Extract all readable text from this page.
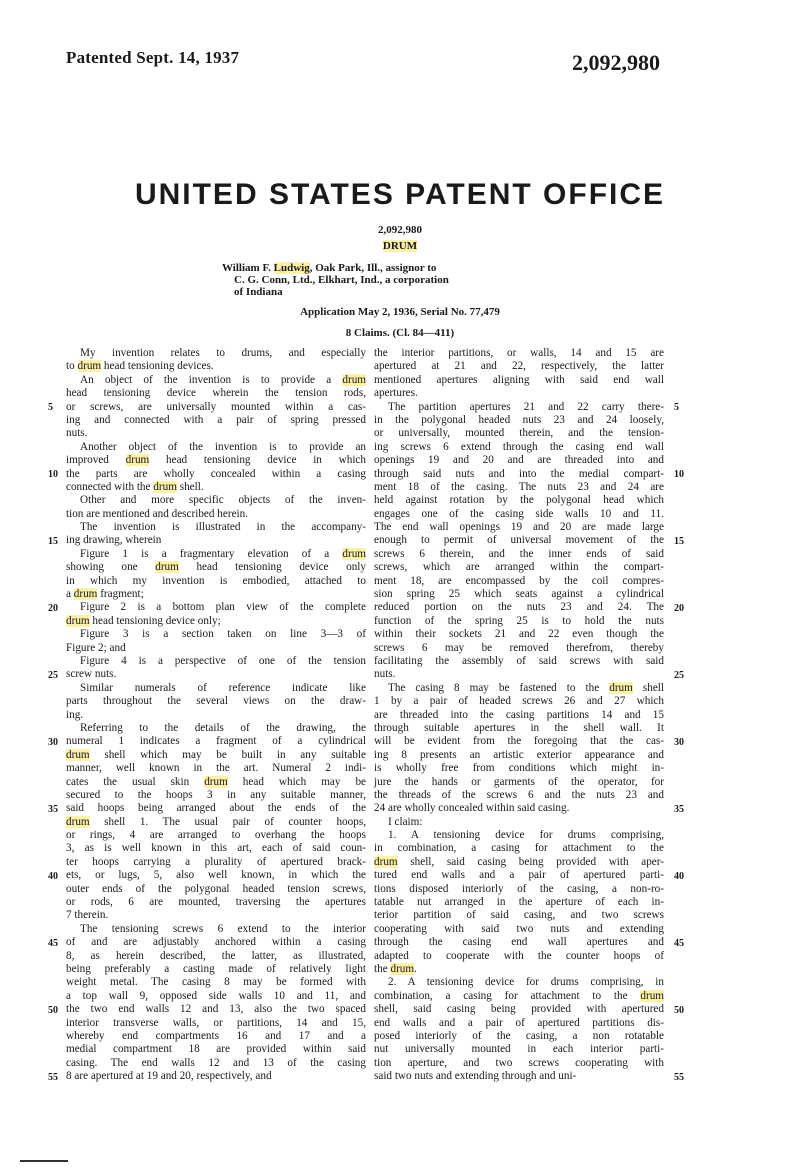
Patented Sept. 14, 1937	2,092,980
UNITED STATES PATENT OFFICE
2,092,980
DRUM
William F. Ludwig, Oak Park, Ill., assignor to
C. G. Conn, Ltd., Elkhart, Ind., a corporation
of Indiana
Application May 2, 1936, Serial No. 77,479
8 Claims. (Cl. 84—411)
My invention relates to drums, and especially
to drum head tensioning devices.
An object of the invention is to provide a drum
head tensioning device wherein the tension rods,
or screws, are universally mounted within a cas-
ing and connected with a pair of spring pressed
nuts.
Another object of the invention is to provide an
improved drum head tensioning device in which
the parts are wholly concealed within a casing
connected with the drum shell.
Other and more specific objects of the inven-
tion are mentioned and described herein.
The invention is illustrated in the accompany-
ing drawing, wherein
Figure 1 is a fragmentary elevation of a drum
showing one drum head tensioning device only
in which my invention is embodied, attached to
a drum fragment;
Figure 2 is a bottom plan view of the complete
drum head tensioning device only;
Figure 3 is a section taken on line 3—3 of
Figure 2; and
Figure 4 is a perspective of one of the tension
screw nuts.
Similar numerals of reference indicate like
parts throughout the several views on the draw-
ing.
Referring to the details of the drawing, the
numeral 1 indicates a fragment of a cylindrical
drum shell which may be built in any suitable
manner, well known in the art. Numeral 2 indi-
cates the usual skin drum head which may be
secured to the hoops 3 in any suitable manner,
said hoops being arranged about the ends of the
drum shell 1. The usual pair of counter hoops,
or rings, 4 are arranged to overhang the hoops
3, as is well known in this art, each of said coun-
ter hoops carrying a plurality of apertured brack-
ets, or lugs, 5, also well known, in which the
outer ends of the polygonal headed tension screws,
or rods, 6 are mounted, traversing the apertures
7 therein.
The tensioning screws 6 extend to the interior
of and are adjustably anchored within a casing
8, as herein described, the latter, as illustrated,
being preferably a casting made of relatively light
weight metal. The casing 8 may be formed with
a top wall 9, opposed side walls 10 and 11, and
the two end walls 12 and 13, also the two spaced
interior transverse walls, or partitions, 14 and 15,
whereby end compartments 16 and 17 and a
medial compartment 18 are provided within said
casing. The end walls 12 and 13 of the casing
8 are apertured at 19 and 20, respectively, and
the interior partitions, or walls, 14 and 15 are
apertured at 21 and 22, respectively, the latter
mentioned apertures aligning with said end wall
apertures.
The partition apertures 21 and 22 carry there-
in the polygonal headed nuts 23 and 24 loosely,
or universally, mounted therein, and the tension-
ing screws 6 extend through the casing end wall
openings 19 and 20 and are threaded into and
through said nuts and into the medial compart-
ment 18 of the casing. The nuts 23 and 24 are
held against rotation by the polygonal head which
engages one of the casing side walls 10 and 11.
The end wall openings 19 and 20 are made large
enough to permit of universal movement of the
screws 6 therein, and the inner ends of said
screws, which are arranged within the compart-
ment 18, are encompassed by the coil compres-
sion spring 25 which seats against a cylindrical
reduced portion on the nuts 23 and 24. The
function of the spring 25 is to hold the nuts
within their sockets 21 and 22 even though the
screws 6 may be removed therefrom, thereby
facilitating the assembly of said screws with said
nuts.
The casing 8 may be fastened to the drum shell
1 by a pair of headed screws 26 and 27 which
are threaded into the casing partitions 14 and 15
through suitable apertures in the shell wall. It
will be evident from the foregoing that the cas-
ing 8 presents an artistic exterior appearance and
is wholly free from conditions which might in-
jure the hands or garments of the operator, for
the threads of the screws 6 and the nuts 23 and
24 are wholly concealed within said casing.
I claim:
1. A tensioning device for drums comprising,
in combination, a casing for attachment to the
drum shell, said casing being provided with aper-
tured end walls and a pair of apertured parti-
tions disposed interiorly of the casing, a non-ro-
tatable nut arranged in the aperture of each in-
terior partition of said casing, and two screws
cooperating with said two nuts and extending
through the casing end wall apertures and
adapted to cooperate with the counter hoops of
the drum.
2. A tensioning device for drums comprising, in
combination, a casing for attachment to the drum
shell, said casing being provided with apertured
end walls and a pair of apertured partitions dis-
posed interiorly of the casing, a non rotatable
nut universally mounted in each interior parti-
tion aperture, and two screws cooperating with
said two nuts and extending through and uni-
5	5
10	10
15	15
20	20
25	25
30	30
35	35
40	40
45	45
50	50
55	55
